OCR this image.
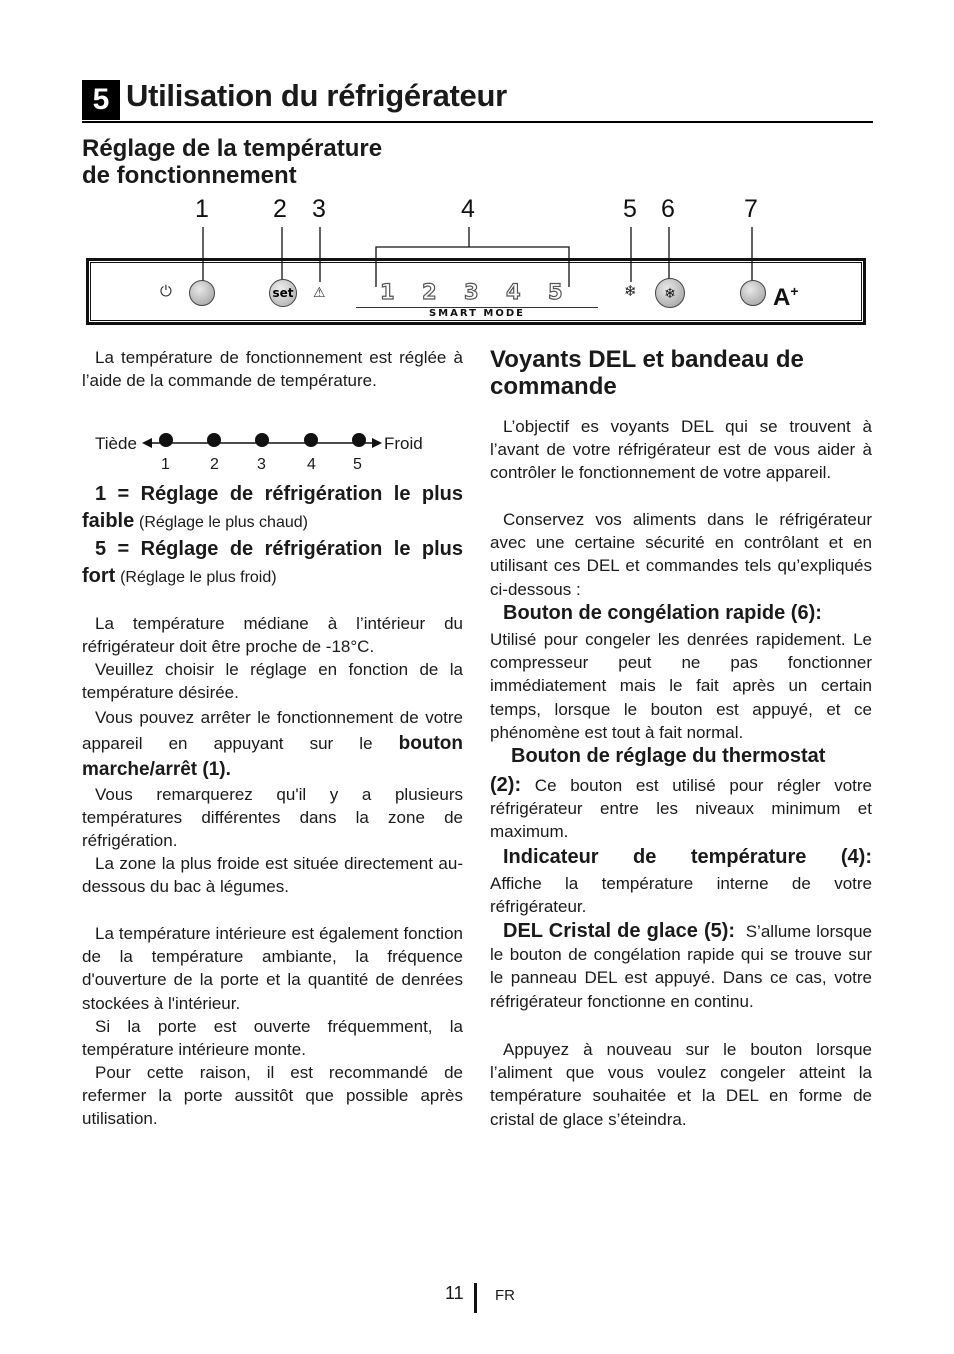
5 Utilisation du réfrigérateur
Réglage de la température
de fonctionnement
1	2 3	4	5 6	7
⏻	set ⚠	1 2 3 4 5
SMART MODE
❄	❄	A+

La température de fonctionnement est réglée à l’aide de la commande de température.

Tiède	Froid
1	2 3	4 5

1 = Réglage de réfrigération le plus faible (Réglage le plus chaud)

5 = Réglage de réfrigération le plus fort (Réglage le plus froid)

La température médiane à l’intérieur du réfrigérateur doit être proche de -18°C.

Veuillez choisir le réglage en fonction de la température désirée.

Vous pouvez arrêter le fonctionnement de votre appareil en appuyant sur le bouton marche/arrêt (1).

Vous remarquerez qu'il y a plusieurs températures différentes dans la zone de réfrigération.

La zone la plus froide est située directement au-dessous du bac à légumes.

La température intérieure est également fonction de la température ambiante, la fréquence d'ouverture de la porte et la quantité de denrées stockées à l'intérieur.

Si la porte est ouverte fréquemment, la température intérieure monte.

Pour cette raison, il est recommandé de refermer la porte aussitôt que possible après utilisation.

Voyants DEL et bandeau de
commande

L’objectif es voyants DEL qui se trouvent à l’avant de votre réfrigérateur est de vous aider à contrôler le fonctionnement de votre appareil.

Conservez vos aliments dans le réfrigérateur avec une certaine sécurité en contrôlant et en utilisant ces DEL et commandes tels qu’expliqués ci-dessous :

Bouton de congélation rapide (6):

Utilisé pour congeler les denrées rapidement. Le compresseur peut ne pas fonctionner immédiatement mais le fait après un certain temps, lorsque le bouton est appuyé, et ce phénomène est tout à fait normal.

Bouton de réglage du thermostat

(2): Ce bouton est utilisé pour régler votre réfrigérateur entre les niveaux minimum et maximum.

Indicateur de température (4):

Affiche la température interne de votre réfrigérateur.

DEL Cristal de glace (5): S’allume lorsque le bouton de congélation rapide qui se trouve sur le panneau DEL est appuyé. Dans ce cas, votre réfrigérateur fonctionne en continu.

Appuyez à nouveau sur le bouton lorsque l’aliment que vous voulez congeler atteint la température souhaitée et la DEL en forme de cristal de glace s’éteindra.

11 FR
